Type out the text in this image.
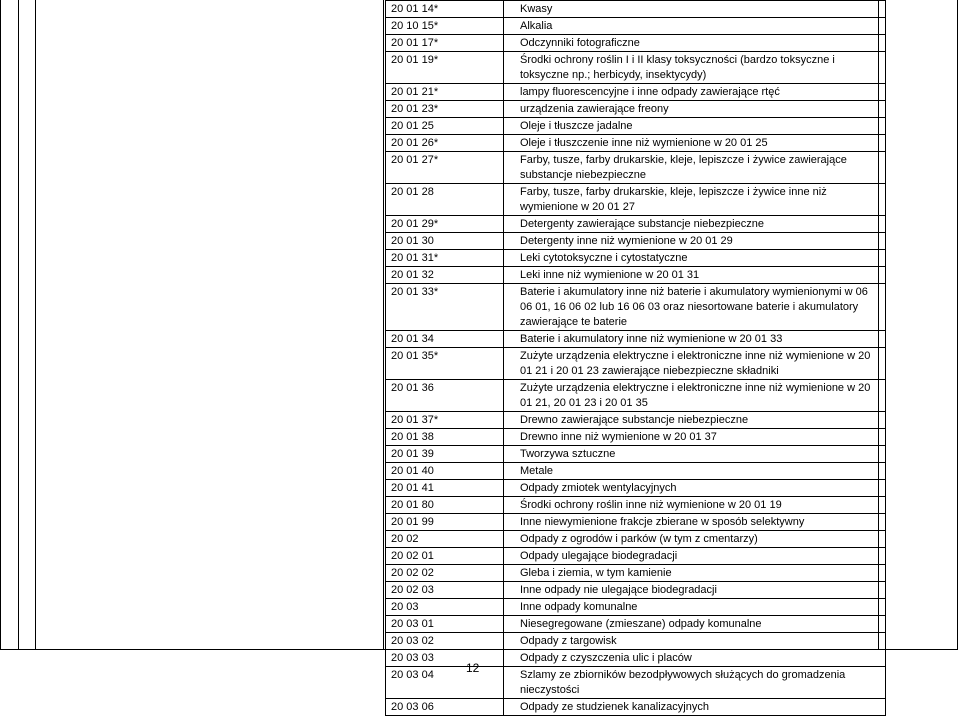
20 01 14*	Kwasy
20 10 15*	Alkalia
20 01 17*	Odczynniki fotograficzne
20 01 19*	Środki ochrony roślin I i II klasy toksyczności (bardzo toksyczne i toksyczne np.; herbicydy, insektycydy)
20 01 21*	lampy fluorescencyjne i inne odpady zawierające rtęć
20 01 23*	urządzenia zawierające freony
20 01 25	Oleje i tłuszcze jadalne
20 01 26*	Oleje i tłuszczenie inne niż wymienione w 20 01 25
20 01 27*	Farby, tusze, farby drukarskie, kleje, lepiszcze i żywice zawierające substancje niebezpieczne
20 01 28	Farby, tusze, farby drukarskie, kleje, lepiszcze i żywice inne niż wymienione w 20 01 27
20 01 29*	Detergenty zawierające substancje niebezpieczne
20 01 30	Detergenty inne niż wymienione w 20 01 29
20 01 31*	Leki cytotoksyczne i cytostatyczne
20 01 32	Leki inne niż wymienione w 20 01 31
20 01 33*	Baterie i akumulatory inne niż baterie i akumulatory wymienionymi w 06 06 01, 16 06 02 lub 16 06 03 oraz niesortowane baterie i akumulatory zawierające te baterie
20 01 34	Baterie i akumulatory inne niż wymienione w 20 01 33
20 01 35*	Zużyte urządzenia elektryczne i elektroniczne inne niż wymienione w 20 01 21 i 20 01 23 zawierające niebezpieczne składniki
20 01 36	Zużyte urządzenia elektryczne i elektroniczne inne niż wymienione w 20 01 21, 20 01 23 i 20 01 35
20 01 37*	Drewno zawierające substancje niebezpieczne
20 01 38	Drewno inne niż wymienione w 20 01 37
20 01 39	Tworzywa sztuczne
20 01 40	Metale
20 01 41	Odpady zmiotek wentylacyjnych
20 01 80	Środki ochrony roślin inne niż wymienione w 20 01 19
20 01 99	Inne niewymienione frakcje zbierane w sposób selektywny
20 02	Odpady z ogrodów i parków (w tym z cmentarzy)
20 02 01	Odpady ulegające biodegradacji
20 02 02	Gleba i ziemia, w tym kamienie
20 02 03	Inne odpady nie ulegające biodegradacji
20 03	Inne odpady komunalne
20 03 01	Niesegregowane (zmieszane) odpady komunalne
20 03 02	Odpady z targowisk
20 03 03	Odpady z czyszczenia ulic i placów
20 03 04	Szlamy ze zbiorników bezodpływowych służących do gromadzenia nieczystości
20 03 06	Odpady ze studzienek kanalizacyjnych
12
